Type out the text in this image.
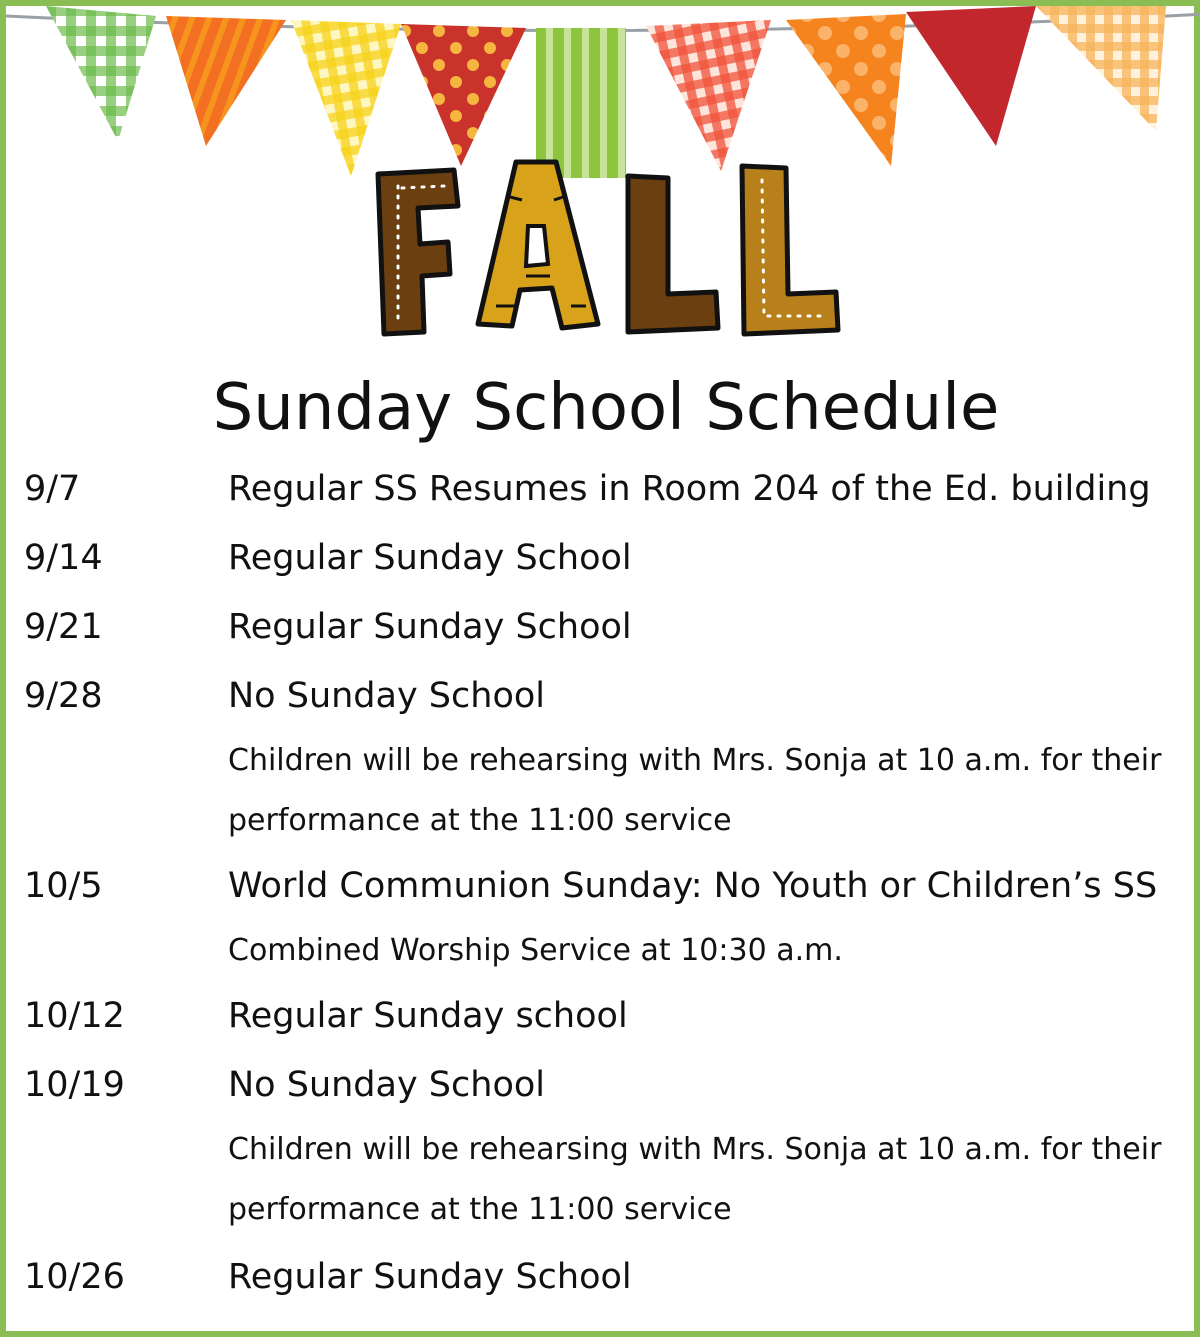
FALL
Sunday School Schedule
9/7	Regular SS Resumes in Room 204 of the Ed. building
9/14	Regular Sunday School
9/21	Regular Sunday School
9/28	No Sunday School
Children will be rehearsing with Mrs. Sonja at 10 a.m. for their performance at the 11:00 service
10/5	World Communion Sunday: No Youth or Children’s SS
Combined Worship Service at 10:30 a.m.
10/12	Regular Sunday school
10/19	No Sunday School
Children will be rehearsing with Mrs. Sonja at 10 a.m. for their performance at the 11:00 service
10/26	Regular Sunday School
